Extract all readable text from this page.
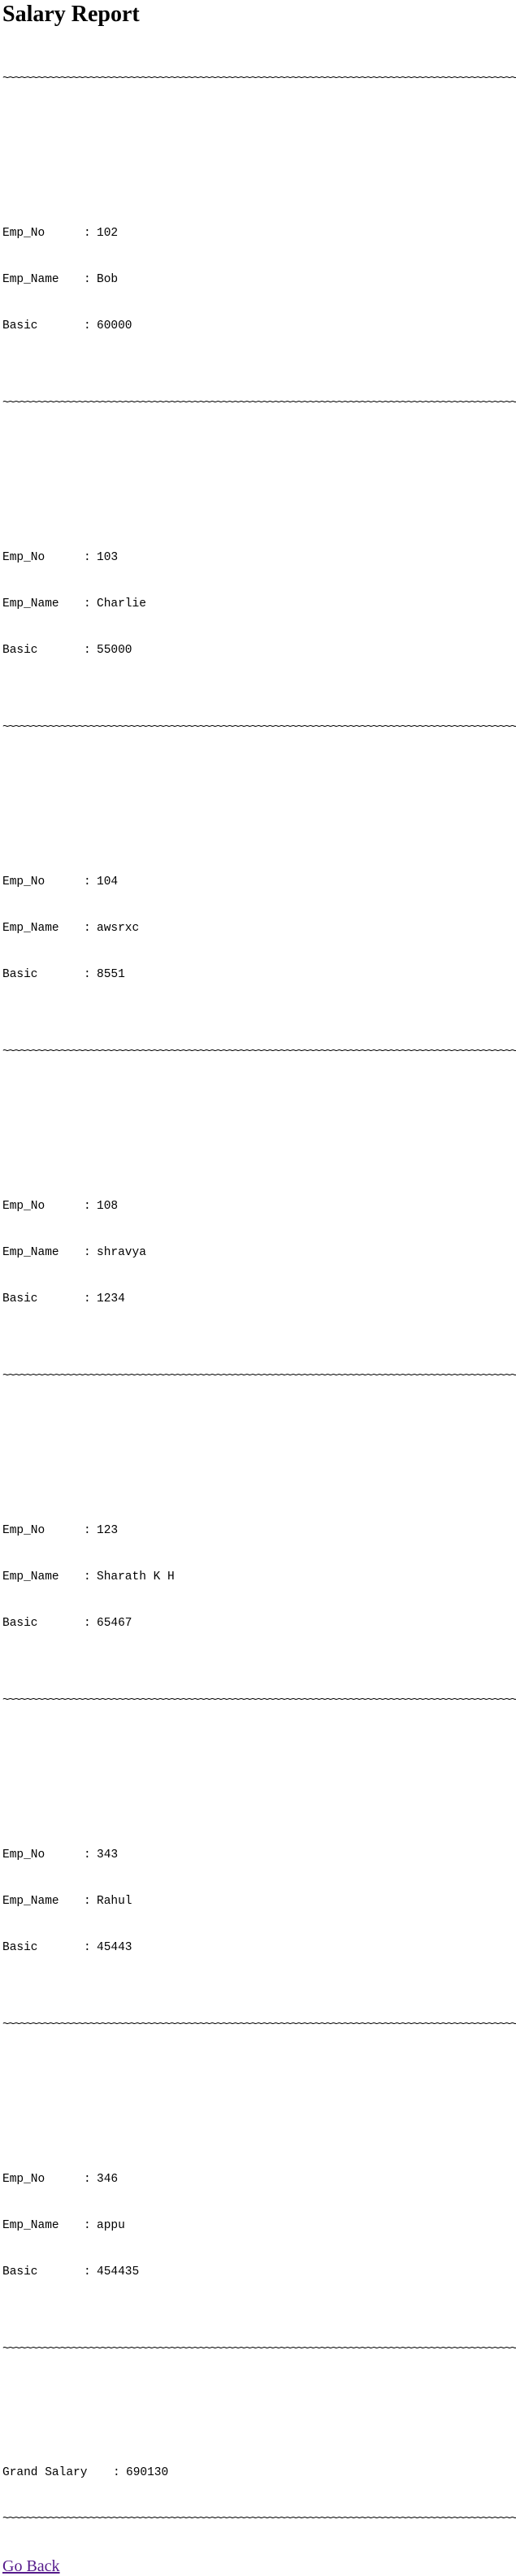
Salary Report

~~~~~~~~~~~~~~~~~~~~~~~~~~~~~~~~~~~~~~~~~~~~~~~~~~~~~~~~~~~~~~~~~~~~~~~~~~~~~~~~~~~~~~~~~

Emp_No	: 102

Emp_Name : Bob

Basic	: 60000

~~~~~~~~~~~~~~~~~~~~~~~~~~~~~~~~~~~~~~~~~~~~~~~~~~~~~~~~~~~~~~~~~~~~~~~~~~~~~~~~~~~~~~~~~

Emp_No	: 103

Emp_Name : Charlie

Basic	: 55000

~~~~~~~~~~~~~~~~~~~~~~~~~~~~~~~~~~~~~~~~~~~~~~~~~~~~~~~~~~~~~~~~~~~~~~~~~~~~~~~~~~~~~~~~~

Emp_No	: 104

Emp_Name : awsrxc

Basic	: 8551

~~~~~~~~~~~~~~~~~~~~~~~~~~~~~~~~~~~~~~~~~~~~~~~~~~~~~~~~~~~~~~~~~~~~~~~~~~~~~~~~~~~~~~~~~

Emp_No	: 108

Emp_Name : shravya

Basic	: 1234

~~~~~~~~~~~~~~~~~~~~~~~~~~~~~~~~~~~~~~~~~~~~~~~~~~~~~~~~~~~~~~~~~~~~~~~~~~~~~~~~~~~~~~~~~

Emp_No	: 123

Emp_Name : Sharath K H

Basic	: 65467

~~~~~~~~~~~~~~~~~~~~~~~~~~~~~~~~~~~~~~~~~~~~~~~~~~~~~~~~~~~~~~~~~~~~~~~~~~~~~~~~~~~~~~~~~

Emp_No	: 343

Emp_Name : Rahul

Basic	: 45443

~~~~~~~~~~~~~~~~~~~~~~~~~~~~~~~~~~~~~~~~~~~~~~~~~~~~~~~~~~~~~~~~~~~~~~~~~~~~~~~~~~~~~~~~~

Emp_No	: 346

Emp_Name : appu

Basic	: 454435

~~~~~~~~~~~~~~~~~~~~~~~~~~~~~~~~~~~~~~~~~~~~~~~~~~~~~~~~~~~~~~~~~~~~~~~~~~~~~~~~~~~~~~~~~

Grand Salary : 690130

~~~~~~~~~~~~~~~~~~~~~~~~~~~~~~~~~~~~~~~~~~~~~~~~~~~~~~~~~~~~~~~~~~~~~~~~~~~~~~~~~~~~~~~~~

Go Back
